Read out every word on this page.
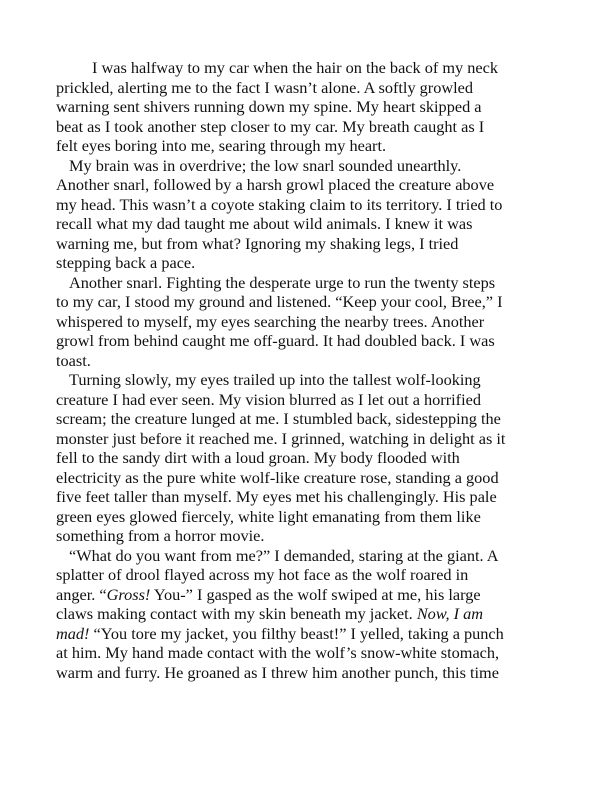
I was halfway to my car when the hair on the back of my neck
prickled, alerting me to the fact I wasn’t alone. A softly growled
warning sent shivers running down my spine. My heart skipped a
beat as I took another step closer to my car. My breath caught as I
felt eyes boring into me, searing through my heart.

My brain was in overdrive; the low snarl sounded unearthly.
Another snarl, followed by a harsh growl placed the creature above
my head. This wasn’t a coyote staking claim to its territory. I tried to
recall what my dad taught me about wild animals. I knew it was
warning me, but from what? Ignoring my shaking legs, I tried
stepping back a pace.

Another snarl. Fighting the desperate urge to run the twenty steps
to my car, I stood my ground and listened. “Keep your cool, Bree,” I
whispered to myself, my eyes searching the nearby trees. Another
growl from behind caught me off-guard. It had doubled back. I was
toast.

Turning slowly, my eyes trailed up into the tallest wolf-looking
creature I had ever seen. My vision blurred as I let out a horrified
scream; the creature lunged at me. I stumbled back, sidestepping the
monster just before it reached me. I grinned, watching in delight as it
fell to the sandy dirt with a loud groan. My body flooded with
electricity as the pure white wolf-like creature rose, standing a good
five feet taller than myself. My eyes met his challengingly. His pale
green eyes glowed fiercely, white light emanating from them like
something from a horror movie.

“What do you want from me?” I demanded, staring at the giant. A
splatter of drool flayed across my hot face as the wolf roared in
anger. “Gross! You-” I gasped as the wolf swiped at me, his large
claws making contact with my skin beneath my jacket. Now, I am
mad! “You tore my jacket, you filthy beast!” I yelled, taking a punch
at him. My hand made contact with the wolf’s snow-white stomach,
warm and furry. He groaned as I threw him another punch, this time
